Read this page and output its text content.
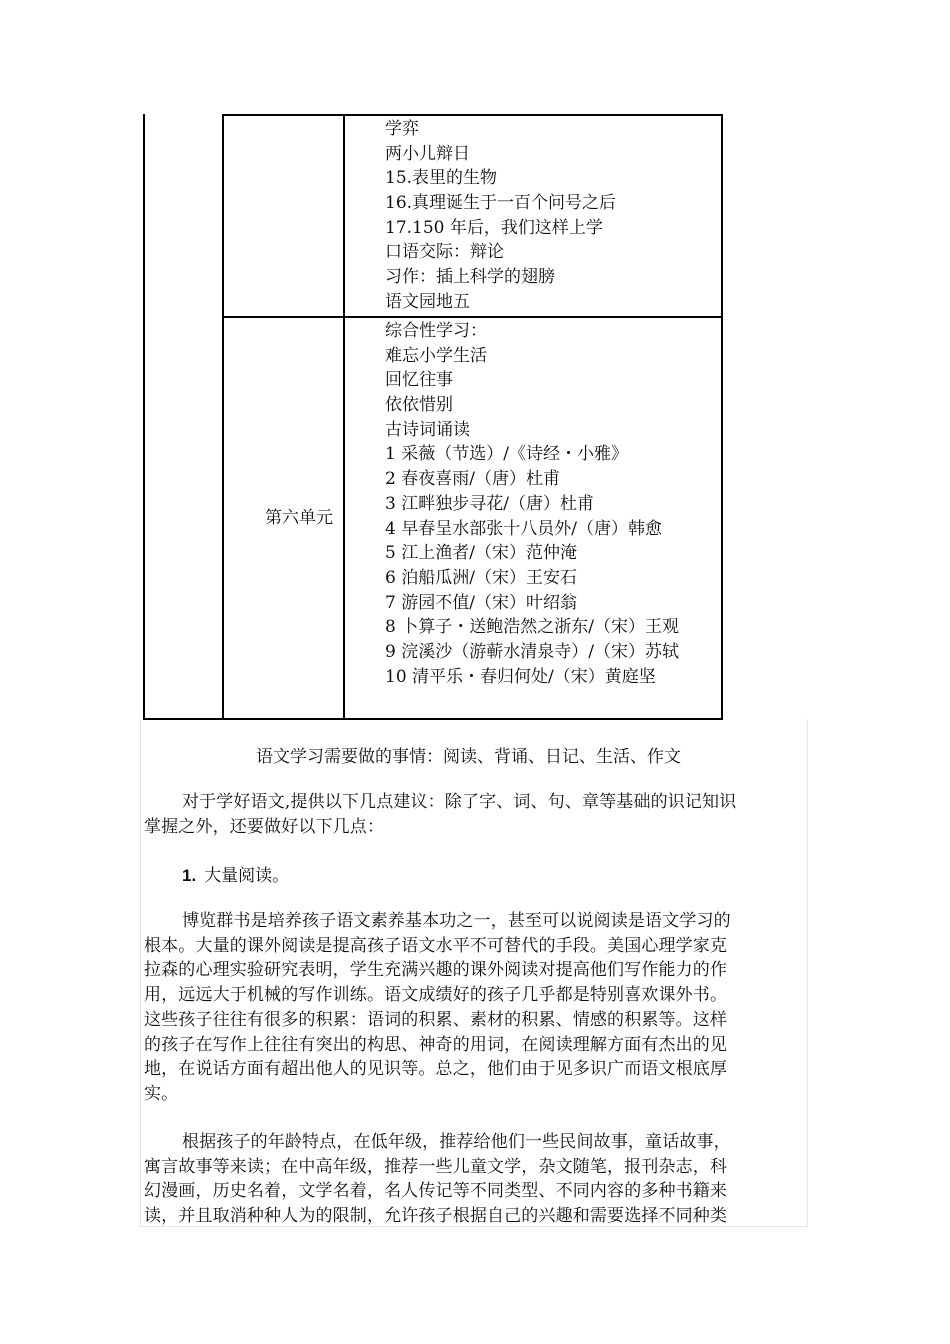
学弈
两小儿辩日
15.表里的生物
16.真理诞生于一百个问号之后
17.150 年后，我们这样上学
口语交际：辩论
习作：插上科学的翅膀
语文园地五
第六单元
综合性学习：
难忘小学生活
回忆往事
依依惜别
古诗词诵读
1 采薇（节选）/《诗经・小雅》
2 春夜喜雨/（唐）杜甫
3 江畔独步寻花/（唐）杜甫
4 早春呈水部张十八员外/（唐）韩愈
5 江上渔者/（宋）范仲淹
6 泊船瓜洲/（宋）王安石
7 游园不值/（宋）叶绍翁
8 卜算子・送鲍浩然之浙东/（宋）王观
9 浣溪沙（游蕲水清泉寺）/（宋）苏轼
10 清平乐・春归何处/（宋）黄庭坚
语文学习需要做的事情：阅读、背诵、日记、生活、作文
对于学好语文,提供以下几点建议：除了字、词、句、章等基础的识记知识
掌握之外，还要做好以下几点：
1. 大量阅读。
博览群书是培养孩子语文素养基本功之一，甚至可以说阅读是语文学习的
根本。大量的课外阅读是提高孩子语文水平不可替代的手段。美国心理学家克
拉森的心理实验研究表明，学生充满兴趣的课外阅读对提高他们写作能力的作
用，远远大于机械的写作训练。语文成绩好的孩子几乎都是特别喜欢课外书。
这些孩子往往有很多的积累：语词的积累、素材的积累、情感的积累等。这样
的孩子在写作上往往有突出的构思、神奇的用词，在阅读理解方面有杰出的见
地，在说话方面有超出他人的见识等。总之，他们由于见多识广而语文根底厚
实。
根据孩子的年龄特点，在低年级，推荐给他们一些民间故事，童话故事，
寓言故事等来读；在中高年级，推荐一些儿童文学，杂文随笔，报刊杂志，科
幻漫画，历史名着，文学名着，名人传记等不同类型、不同内容的多种书籍来
读，并且取消种种人为的限制，允许孩子根据自己的兴趣和需要选择不同种类
